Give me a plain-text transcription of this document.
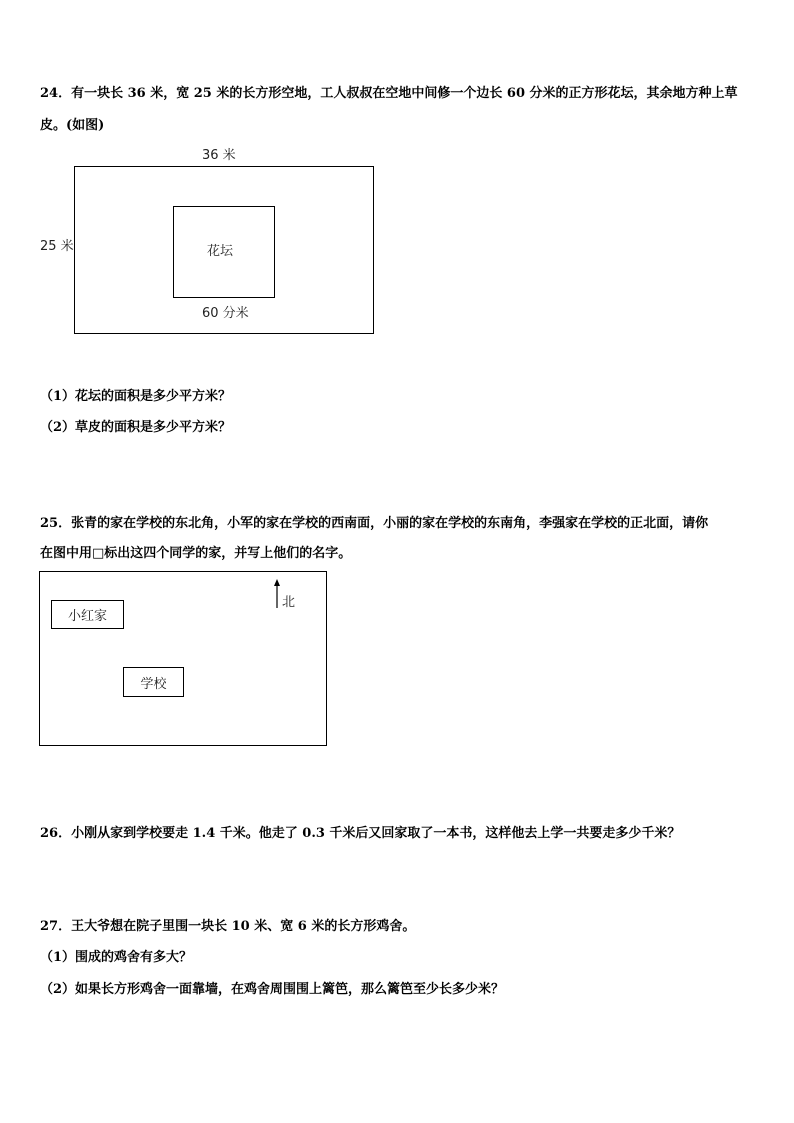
24．有一块长 36 米，宽 25 米的长方形空地，工人叔叔在空地中间修一个边长 60 分米的正方形花坛，其余地方种上草
皮。(如图)
36 米
25 米	花坛
60 分米
（1）花坛的面积是多少平方米？
（2）草皮的面积是多少平方米？
25．张青的家在学校的东北角，小军的家在学校的西南面，小丽的家在学校的东南角，李强家在学校的正北面，请你
在图中用□标出这四个同学的家，并写上他们的名字。
小红家
学校
北
26．小刚从家到学校要走 1.4 千米。他走了 0.3 千米后又回家取了一本书，这样他去上学一共要走多少千米？
27．王大爷想在院子里围一块长 10 米、宽 6 米的长方形鸡舍。
（1）围成的鸡舍有多大？
（2）如果长方形鸡舍一面靠墙，在鸡舍周围围上篱笆，那么篱笆至少长多少米？
